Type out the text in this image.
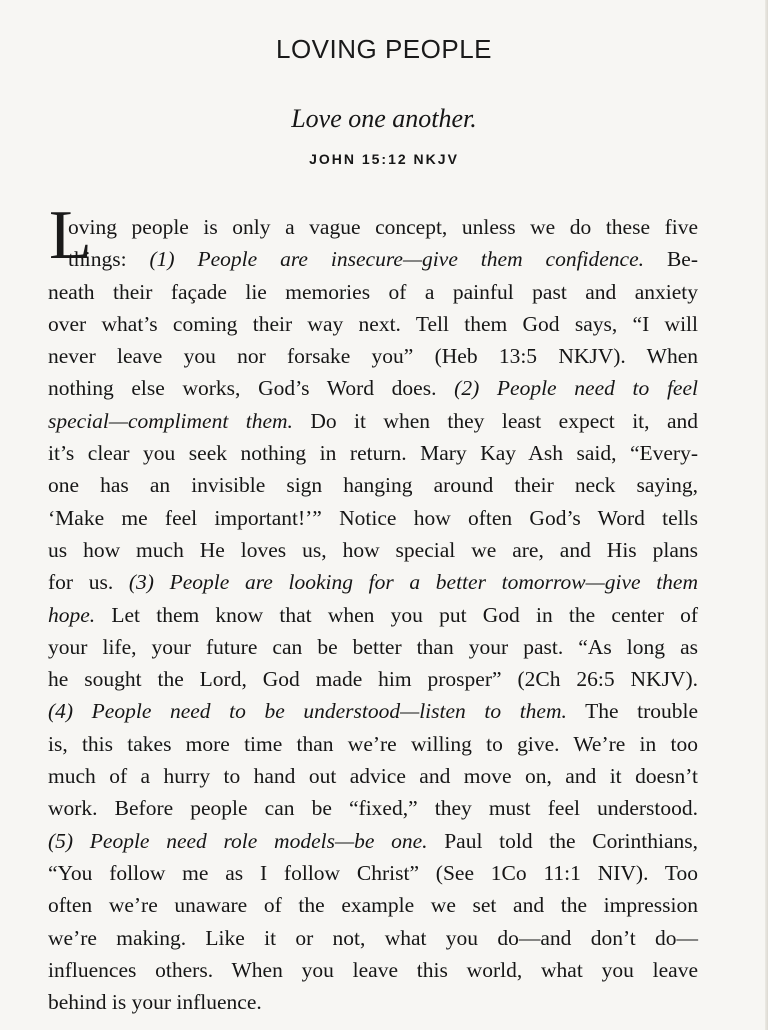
LOVING PEOPLE
Love one another.
JOHN 15:12 NKJV
L
oving people is only a vague concept, unless we do these five
things: (1) People are insecure—give them confidence. Be-
neath their façade lie memories of a painful past and anxiety
over what’s coming their way next. Tell them God says, “I will
never leave you nor forsake you” (Heb 13:5 NKJV). When
nothing else works, God’s Word does. (2) People need to feel
special—compliment them. Do it when they least expect it, and
it’s clear you seek nothing in return. Mary Kay Ash said, “Every-
one has an invisible sign hanging around their neck saying,
‘Make me feel important!’” Notice how often God’s Word tells
us how much He loves us, how special we are, and His plans
for us. (3) People are looking for a better tomorrow—give them
hope. Let them know that when you put God in the center of
your life, your future can be better than your past. “As long as
he sought the Lord, God made him prosper” (2Ch 26:5 NKJV).
(4) People need to be understood—listen to them. The trouble
is, this takes more time than we’re willing to give. We’re in too
much of a hurry to hand out advice and move on, and it doesn’t
work. Before people can be “fixed,” they must feel understood.
(5) People need role models—be one. Paul told the Corinthians,
“You follow me as I follow Christ” (See 1Co 11:1 NIV). Too
often we’re unaware of the example we set and the impression
we’re making. Like it or not, what you do—and don’t do—
influences others. When you leave this world, what you leave
behind is your influence.
